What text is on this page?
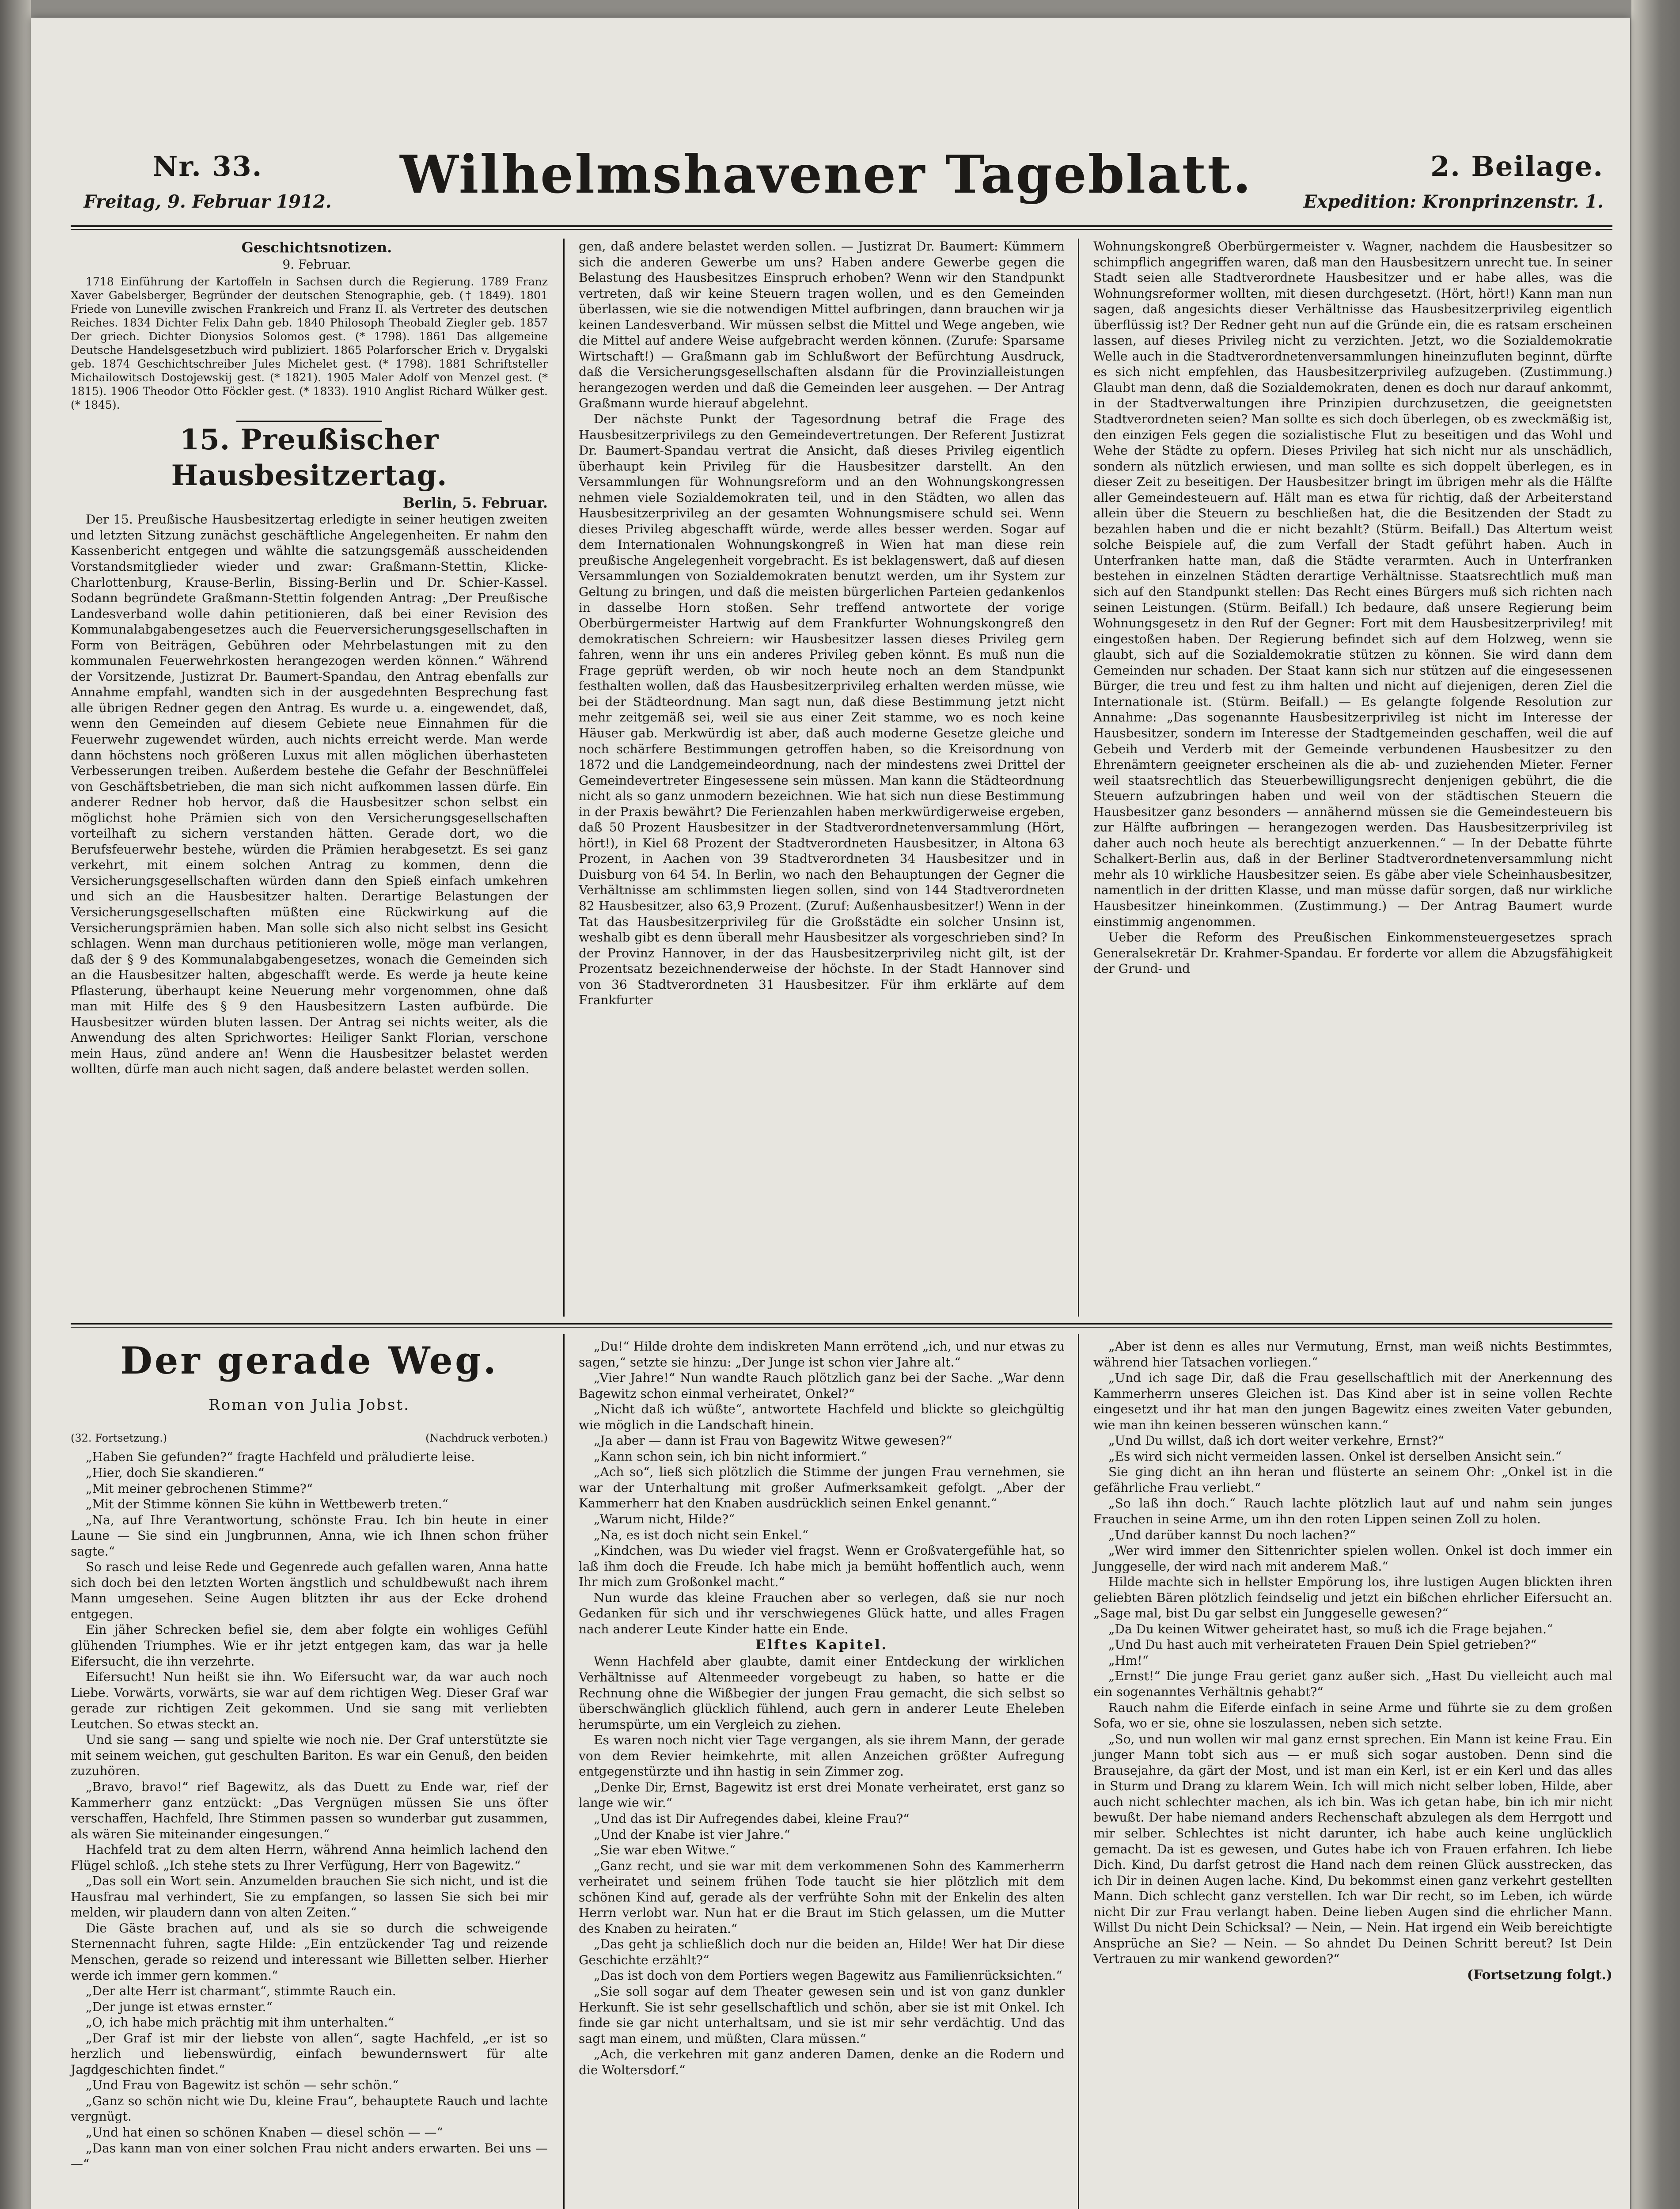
Nr. 33.

Freitag, 9. Februar 1912. Wilhelmshavener Tageblatt.	2. Beilage.

Expedition: Kronprinzenstr. 1.

Geschichtsnotizen.

9. Februar.

1718 Einführung der Kartoffeln in Sachsen durch die Regierung. 1789 Franz Xaver Gabelsberger, Begründer der deutschen Stenographie, geb. († 1849). 1801 Friede von Luneville zwischen Frankreich und Franz II. als Vertreter des deutschen Reiches. 1834 Dichter Felix Dahn geb. 1840 Philosoph Theobald Ziegler geb. 1857 Der griech. Dichter Dionysios Solomos gest. (* 1798). 1861 Das allgemeine Deutsche Handelsgesetzbuch wird publiziert. 1865 Polarforscher Erich v. Drygalski geb. 1874 Geschichtschreiber Jules Michelet gest. (* 1798). 1881 Schriftsteller Michailowitsch Dostojewskij gest. (* 1821). 1905 Maler Adolf von Menzel gest. (* 1815). 1906 Theodor Otto Föckler gest. (* 1833). 1910 Anglist Richard Wülker gest. (* 1845).

15. Preußischer Hausbesitzertag.

Berlin, 5. Februar.

Der 15. Preußische Hausbesitzertag erledigte in seiner heutigen zweiten und letzten Sitzung zunächst geschäftliche Angelegenheiten. Er nahm den Kassenbericht entgegen und wählte die satzungsgemäß ausscheidenden Vorstandsmitglieder wieder und zwar: Graßmann-Stettin, Klicke-Charlottenburg, Krause-Berlin, Bissing-Berlin und Dr. Schier-Kassel. Sodann begründete Graßmann-Stettin folgenden Antrag: „Der Preußische Landesverband wolle dahin petitionieren, daß bei einer Revision des Kommunalabgabengesetzes auch die Feuerversicherungsgesellschaften in Form von Beiträgen, Gebühren oder Mehrbelastungen mit zu den kommunalen Feuerwehrkosten herangezogen werden können.“ Während der Vorsitzende, Justizrat Dr. Baumert-Spandau, den Antrag ebenfalls zur Annahme empfahl, wandten sich in der ausgedehnten Besprechung fast alle übrigen Redner gegen den Antrag. Es wurde u. a. eingewendet, daß, wenn den Gemeinden auf diesem Gebiete neue Einnahmen für die Feuerwehr zugewendet würden, auch nichts erreicht werde. Man werde dann höchstens noch größeren Luxus mit allen möglichen überhasteten Verbesserungen treiben. Außerdem bestehe die Gefahr der Beschnüffelei von Geschäftsbetrieben, die man sich nicht aufkommen lassen dürfe. Ein anderer Redner hob hervor, daß die Hausbesitzer schon selbst ein möglichst hohe Prämien sich von den Versicherungsgesellschaften vorteilhaft zu sichern verstanden hätten. Gerade dort, wo die Berufsfeuerwehr bestehe, würden die Prämien herabgesetzt. Es sei ganz verkehrt, mit einem solchen Antrag zu kommen, denn die Versicherungsgesellschaften würden dann den Spieß einfach umkehren und sich an die Hausbesitzer halten. Derartige Belastungen der Versicherungsgesellschaften müßten eine Rückwirkung auf die Versicherungsprämien haben. Man solle sich also nicht selbst ins Gesicht schlagen. Wenn man durchaus petitionieren wolle, möge man verlangen, daß der § 9 des Kommunalabgabengesetzes, wonach die Gemeinden sich an die Hausbesitzer halten, abgeschafft werde. Es werde ja heute keine Pflasterung, überhaupt keine Neuerung mehr vorgenommen, ohne daß man mit Hilfe des § 9 den Hausbesitzern Lasten aufbürde. Die Hausbesitzer würden bluten lassen. Der Antrag sei nichts weiter, als die Anwendung des alten Sprichwortes: Heiliger Sankt Florian, verschone mein Haus, zünd andere an! Wenn die Hausbesitzer belastet werden wollten, dürfe man auch nicht sagen, daß andere belastet werden sollen.

gen, daß andere belastet werden sollen. — Justizrat Dr. Baumert: Kümmern sich die anderen Gewerbe um uns? Haben andere Gewerbe gegen die Belastung des Hausbesitzes Einspruch erhoben? Wenn wir den Standpunkt vertreten, daß wir keine Steuern tragen wollen, und es den Gemeinden überlassen, wie sie die notwendigen Mittel aufbringen, dann brauchen wir ja keinen Landesverband. Wir müssen selbst die Mittel und Wege angeben, wie die Mittel auf andere Weise aufgebracht werden können. (Zurufe: Sparsame Wirtschaft!) — Graßmann gab im Schlußwort der Befürchtung Ausdruck, daß die Versicherungsgesellschaften alsdann für die Provinzialleistungen herangezogen werden und daß die Gemeinden leer ausgehen. — Der Antrag Graßmann wurde hierauf abgelehnt.

Der nächste Punkt der Tagesordnung betraf die Frage des Hausbesitzerprivilegs zu den Gemeindevertretungen. Der Referent Justizrat Dr. Baumert-Spandau vertrat die Ansicht, daß dieses Privileg eigentlich überhaupt kein Privileg für die Hausbesitzer darstellt. An den Versammlungen für Wohnungsreform und an den Wohnungskongressen nehmen viele Sozialdemokraten teil, und in den Städten, wo allen das Hausbesitzerprivileg an der gesamten Wohnungsmisere schuld sei. Wenn dieses Privileg abgeschafft würde, werde alles besser werden. Sogar auf dem Internationalen Wohnungskongreß in Wien hat man diese rein preußische Angelegenheit vorgebracht. Es ist beklagenswert, daß auf diesen Versammlungen von Sozialdemokraten benutzt werden, um ihr System zur Geltung zu bringen, und daß die meisten bürgerlichen Parteien gedankenlos in dasselbe Horn stoßen. Sehr treffend antwortete der vorige Oberbürgermeister Hartwig auf dem Frankfurter Wohnungskongreß den demokratischen Schreiern: wir Hausbesitzer lassen dieses Privileg gern fahren, wenn ihr uns ein anderes Privileg geben könnt. Es muß nun die Frage geprüft werden, ob wir noch heute noch an dem Standpunkt festhalten wollen, daß das Hausbesitzerprivileg erhalten werden müsse, wie bei der Städteordnung. Man sagt nun, daß diese Bestimmung jetzt nicht mehr zeitgemäß sei, weil sie aus einer Zeit stamme, wo es noch keine Häuser gab. Merkwürdig ist aber, daß auch moderne Gesetze gleiche und noch schärfere Bestimmungen getroffen haben, so die Kreisordnung von 1872 und die Landgemeindeordnung, nach der mindestens zwei Drittel der Gemeindevertreter Eingesessene sein müssen. Man kann die Städteordnung nicht als so ganz unmodern bezeichnen. Wie hat sich nun diese Bestimmung in der Praxis bewährt? Die Ferienzahlen haben merkwürdigerweise ergeben, daß 50 Prozent Hausbesitzer in der Stadtverordnetenversammlung (Hört, hört!), in Kiel 68 Prozent der Stadtverordneten Hausbesitzer, in Altona 63 Prozent, in Aachen von 39 Stadtverordneten 34 Hausbesitzer und in Duisburg von 64 54. In Berlin, wo nach den Behauptungen der Gegner die Verhältnisse am schlimmsten liegen sollen, sind von 144 Stadtverordneten 82 Hausbesitzer, also 63,9 Prozent. (Zuruf: Außenhausbesitzer!) Wenn in der Tat das Hausbesitzerprivileg für die Großstädte ein solcher Unsinn ist, weshalb gibt es denn überall mehr Hausbesitzer als vorgeschrieben sind? In der Provinz Hannover, in der das Hausbesitzerprivileg nicht gilt, ist der Prozentsatz bezeichnenderweise der höchste. In der Stadt Hannover sind von 36 Stadtverordneten 31 Hausbesitzer. Für ihm erklärte auf dem Frankfurter

Wohnungskongreß Oberbürgermeister v. Wagner, nachdem die Hausbesitzer so schimpflich angegriffen waren, daß man den Hausbesitzern unrecht tue. In seiner Stadt seien alle Stadtverordnete Hausbesitzer und er habe alles, was die Wohnungsreformer wollten, mit diesen durchgesetzt. (Hört, hört!) Kann man nun sagen, daß angesichts dieser Verhältnisse das Hausbesitzerprivileg eigentlich überflüssig ist? Der Redner geht nun auf die Gründe ein, die es ratsam erscheinen lassen, auf dieses Privileg nicht zu verzichten. Jetzt, wo die Sozialdemokratie Welle auch in die Stadtverordnetenversammlungen hineinzufluten beginnt, dürfte es sich nicht empfehlen, das Hausbesitzerprivileg aufzugeben. (Zustimmung.) Glaubt man denn, daß die Sozialdemokraten, denen es doch nur darauf ankommt, in der Stadtverwaltungen ihre Prinzipien durchzusetzen, die geeignetsten Stadtverordneten seien? Man sollte es sich doch überlegen, ob es zweckmäßig ist, den einzigen Fels gegen die sozialistische Flut zu beseitigen und das Wohl und Wehe der Städte zu opfern. Dieses Privileg hat sich nicht nur als unschädlich, sondern als nützlich erwiesen, und man sollte es sich doppelt überlegen, es in dieser Zeit zu beseitigen. Der Hausbesitzer bringt im übrigen mehr als die Hälfte aller Gemeindesteuern auf. Hält man es etwa für richtig, daß der Arbeiterstand allein über die Steuern zu beschließen hat, die die Besitzenden der Stadt zu bezahlen haben und die er nicht bezahlt? (Stürm. Beifall.) Das Altertum weist solche Beispiele auf, die zum Verfall der Stadt geführt haben. Auch in Unterfranken hatte man, daß die Städte verarmten. Auch in Unterfranken bestehen in einzelnen Städten derartige Verhältnisse. Staatsrechtlich muß man sich auf den Standpunkt stellen: Das Recht eines Bürgers muß sich richten nach seinen Leistungen. (Stürm. Beifall.) Ich bedaure, daß unsere Regierung beim Wohnungsgesetz in den Ruf der Gegner: Fort mit dem Hausbesitzerprivileg! mit eingestoßen haben. Der Regierung befindet sich auf dem Holzweg, wenn sie glaubt, sich auf die Sozialdemokratie stützen zu können. Sie wird dann dem Gemeinden nur schaden. Der Staat kann sich nur stützen auf die eingesessenen Bürger, die treu und fest zu ihm halten und nicht auf diejenigen, deren Ziel die Internationale ist. (Stürm. Beifall.) — Es gelangte folgende Resolution zur Annahme: „Das sogenannte Hausbesitzerprivileg ist nicht im Interesse der Hausbesitzer, sondern im Interesse der Stadtgemeinden geschaffen, weil die auf Gebeih und Verderb mit der Gemeinde verbundenen Hausbesitzer zu den Ehrenämtern geeigneter erscheinen als die ab- und zuziehenden Mieter. Ferner weil staatsrechtlich das Steuerbewilligungsrecht denjenigen gebührt, die die Steuern aufzubringen haben und weil von der städtischen Steuern die Hausbesitzer ganz besonders — annähernd müssen sie die Gemeindesteuern bis zur Hälfte aufbringen — herangezogen werden. Das Hausbesitzerprivileg ist daher auch noch heute als berechtigt anzuerkennen.“ — In der Debatte führte Schalkert-Berlin aus, daß in der Berliner Stadtverordnetenversammlung nicht mehr als 10 wirkliche Hausbesitzer seien. Es gäbe aber viele Scheinhausbesitzer, namentlich in der dritten Klasse, und man müsse dafür sorgen, daß nur wirkliche Hausbesitzer hineinkommen. (Zustimmung.) — Der Antrag Baumert wurde einstimmig angenommen.

Ueber die Reform des Preußischen Einkommensteuergesetzes sprach Generalsekretär Dr. Krahmer-Spandau. Er forderte vor allem die Abzugsfähigkeit der Grund- und

Der gerade Weg.

Roman von Julia Jobst.

(32. Fortsetzung.)	(Nachdruck verboten.)

„Haben Sie gefunden?“ fragte Hachfeld und präludierte leise.

„Hier, doch Sie skandieren.“

„Mit meiner gebrochenen Stimme?“

„Mit der Stimme können Sie kühn in Wettbewerb treten.“

„Na, auf Ihre Verantwortung, schönste Frau. Ich bin heute in einer Laune — Sie sind ein Jungbrunnen, Anna, wie ich Ihnen schon früher sagte.“

So rasch und leise Rede und Gegenrede auch gefallen waren, Anna hatte sich doch bei den letzten Worten ängstlich und schuldbewußt nach ihrem Mann umgesehen. Seine Augen blitzten ihr aus der Ecke drohend entgegen.

Ein jäher Schrecken befiel sie, dem aber folgte ein wohliges Gefühl glühenden Triumphes. Wie er ihr jetzt entgegen kam, das war ja helle Eifersucht, die ihn verzehrte.

Eifersucht! Nun heißt sie ihn. Wo Eifersucht war, da war auch noch Liebe. Vorwärts, vorwärts, sie war auf dem richtigen Weg. Dieser Graf war gerade zur richtigen Zeit gekommen. Und sie sang mit verliebten Leutchen. So etwas steckt an.

Und sie sang — sang und spielte wie noch nie. Der Graf unterstützte sie mit seinem weichen, gut geschulten Bariton. Es war ein Genuß, den beiden zuzuhören.

„Bravo, bravo!“ rief Bagewitz, als das Duett zu Ende war, rief der Kammerherr ganz entzückt: „Das Vergnügen müssen Sie uns öfter verschaffen, Hachfeld, Ihre Stimmen passen so wunderbar gut zusammen, als wären Sie miteinander eingesungen.“

Hachfeld trat zu dem alten Herrn, während Anna heimlich lachend den Flügel schloß. „Ich stehe stets zu Ihrer Verfügung, Herr von Bagewitz.“

„Das soll ein Wort sein. Anzumelden brauchen Sie sich nicht, und ist die Hausfrau mal verhindert, Sie zu empfangen, so lassen Sie sich bei mir melden, wir plaudern dann von alten Zeiten.“

Die Gäste brachen auf, und als sie so durch die schweigende Sternennacht fuhren, sagte Hilde: „Ein entzückender Tag und reizende Menschen, gerade so reizend und interessant wie Billetten selber. Hierher werde ich immer gern kommen.“

„Der alte Herr ist charmant“, stimmte Rauch ein.

„Der junge ist etwas ernster.“

„O, ich habe mich prächtig mit ihm unterhalten.“

„Der Graf ist mir der liebste von allen“, sagte Hachfeld, „er ist so herzlich und liebenswürdig, einfach bewundernswert für alte Jagdgeschichten findet.“

„Und Frau von Bagewitz ist schön — sehr schön.“

„Ganz so schön nicht wie Du, kleine Frau“, behauptete Rauch und lachte vergnügt.

„Und hat einen so schönen Knaben — diesel schön — —“

„Das kann man von einer solchen Frau nicht anders erwarten. Bei uns — —“

„Du!“ Hilde drohte dem indiskreten Mann errötend „ich, und nur etwas zu sagen,“ setzte sie hinzu: „Der Junge ist schon vier Jahre alt.“

„Vier Jahre!“ Nun wandte Rauch plötzlich ganz bei der Sache. „War denn Bagewitz schon einmal verheiratet, Onkel?“

„Nicht daß ich wüßte“, antwortete Hachfeld und blickte so gleichgültig wie möglich in die Landschaft hinein.

„Ja aber — dann ist Frau von Bagewitz Witwe gewesen?“

„Kann schon sein, ich bin nicht informiert.“

„Ach so“, ließ sich plötzlich die Stimme der jungen Frau vernehmen, sie war der Unterhaltung mit großer Aufmerksamkeit gefolgt. „Aber der Kammerherr hat den Knaben ausdrücklich seinen Enkel genannt.“

„Warum nicht, Hilde?“

„Na, es ist doch nicht sein Enkel.“

„Kindchen, was Du wieder viel fragst. Wenn er Großvatergefühle hat, so laß ihm doch die Freude. Ich habe mich ja bemüht hoffentlich auch, wenn Ihr mich zum Großonkel macht.“

Nun wurde das kleine Frauchen aber so verlegen, daß sie nur noch Gedanken für sich und ihr verschwiegenes Glück hatte, und alles Fragen nach anderer Leute Kinder hatte ein Ende.

Elftes Kapitel.

Wenn Hachfeld aber glaubte, damit einer Entdeckung der wirklichen Verhältnisse auf Altenmeeder vorgebeugt zu haben, so hatte er die Rechnung ohne die Wißbegier der jungen Frau gemacht, die sich selbst so überschwänglich glücklich fühlend, auch gern in anderer Leute Eheleben herumspürte, um ein Vergleich zu ziehen.

Es waren noch nicht vier Tage vergangen, als sie ihrem Mann, der gerade von dem Revier heimkehrte, mit allen Anzeichen größter Aufregung entgegenstürzte und ihn hastig in sein Zimmer zog.

„Denke Dir, Ernst, Bagewitz ist erst drei Monate verheiratet, erst ganz so lange wie wir.“

„Und das ist Dir Aufregendes dabei, kleine Frau?“

„Und der Knabe ist vier Jahre.“

„Sie war eben Witwe.“

„Ganz recht, und sie war mit dem verkommenen Sohn des Kammerherrn verheiratet und seinem frühen Tode taucht sie hier plötzlich mit dem schönen Kind auf, gerade als der verfrühte Sohn mit der Enkelin des alten Herrn verlobt war. Nun hat er die Braut im Stich gelassen, um die Mutter des Knaben zu heiraten.“

„Das geht ja schließlich doch nur die beiden an, Hilde! Wer hat Dir diese Geschichte erzählt?“

„Das ist doch von dem Portiers wegen Bagewitz aus Familienrücksichten.“

„Sie soll sogar auf dem Theater gewesen sein und ist von ganz dunkler Herkunft. Sie ist sehr gesellschaftlich und schön, aber sie ist mit Onkel. Ich finde sie gar nicht unterhaltsam, und sie ist mir sehr verdächtig. Und das sagt man einem, und müßten, Clara müssen.“

„Ach, die verkehren mit ganz anderen Damen, denke an die Rodern und die Woltersdorf.“

„Aber ist denn es alles nur Vermutung, Ernst, man weiß nichts Bestimmtes, während hier Tatsachen vorliegen.“

„Und ich sage Dir, daß die Frau gesellschaftlich mit der Anerkennung des Kammerherrn unseres Gleichen ist. Das Kind aber ist in seine vollen Rechte eingesetzt und ihr hat man den jungen Bagewitz eines zweiten Vater gebunden, wie man ihn keinen besseren wünschen kann.“

„Und Du willst, daß ich dort weiter verkehre, Ernst?“

„Es wird sich nicht vermeiden lassen. Onkel ist derselben Ansicht sein.“

Sie ging dicht an ihn heran und flüsterte an seinem Ohr: „Onkel ist in die gefährliche Frau verliebt.“

„So laß ihn doch.“ Rauch lachte plötzlich laut auf und nahm sein junges Frauchen in seine Arme, um ihn den roten Lippen seinen Zoll zu holen.

„Und darüber kannst Du noch lachen?“

„Wer wird immer den Sittenrichter spielen wollen. Onkel ist doch immer ein Junggeselle, der wird nach mit anderem Maß.“

Hilde machte sich in hellster Empörung los, ihre lustigen Augen blickten ihren geliebten Bären plötzlich feindselig und jetzt ein bißchen ehrlicher Eifersucht an. „Sage mal, bist Du gar selbst ein Junggeselle gewesen?“

„Da Du keinen Witwer geheiratet hast, so muß ich die Frage bejahen.“

„Und Du hast auch mit verheirateten Frauen Dein Spiel getrieben?“

„Hm!“

„Ernst!“ Die junge Frau geriet ganz außer sich. „Hast Du vielleicht auch mal ein sogenanntes Verhältnis gehabt?“

Rauch nahm die Eiferde einfach in seine Arme und führte sie zu dem großen Sofa, wo er sie, ohne sie loszulassen, neben sich setzte.

„So, und nun wollen wir mal ganz ernst sprechen. Ein Mann ist keine Frau. Ein junger Mann tobt sich aus — er muß sich sogar austoben. Denn sind die Brausejahre, da gärt der Most, und ist man ein Kerl, ist er ein Kerl und das alles in Sturm und Drang zu klarem Wein. Ich will mich nicht selber loben, Hilde, aber auch nicht schlechter machen, als ich bin. Was ich getan habe, bin ich mir nicht bewußt. Der habe niemand anders Rechenschaft abzulegen als dem Herrgott und mir selber. Schlechtes ist nicht darunter, ich habe auch keine unglücklich gemacht. Da ist es gewesen, und Gutes habe ich von Frauen erfahren. Ich liebe Dich. Kind, Du darfst getrost die Hand nach dem reinen Glück ausstrecken, das ich Dir in deinen Augen lache. Kind, Du bekommst einen ganz verkehrt gestellten Mann. Dich schlecht ganz verstellen. Ich war Dir recht, so im Leben, ich würde nicht Dir zur Frau verlangt haben. Deine lieben Augen sind die ehrlicher Mann. Willst Du nicht Dein Schicksal? — Nein, — Nein. Hat irgend ein Weib bereichtigte Ansprüche an Sie? — Nein. — So ahndet Du Deinen Schritt bereut? Ist Dein Vertrauen zu mir wankend geworden?“

(Fortsetzung folgt.)
